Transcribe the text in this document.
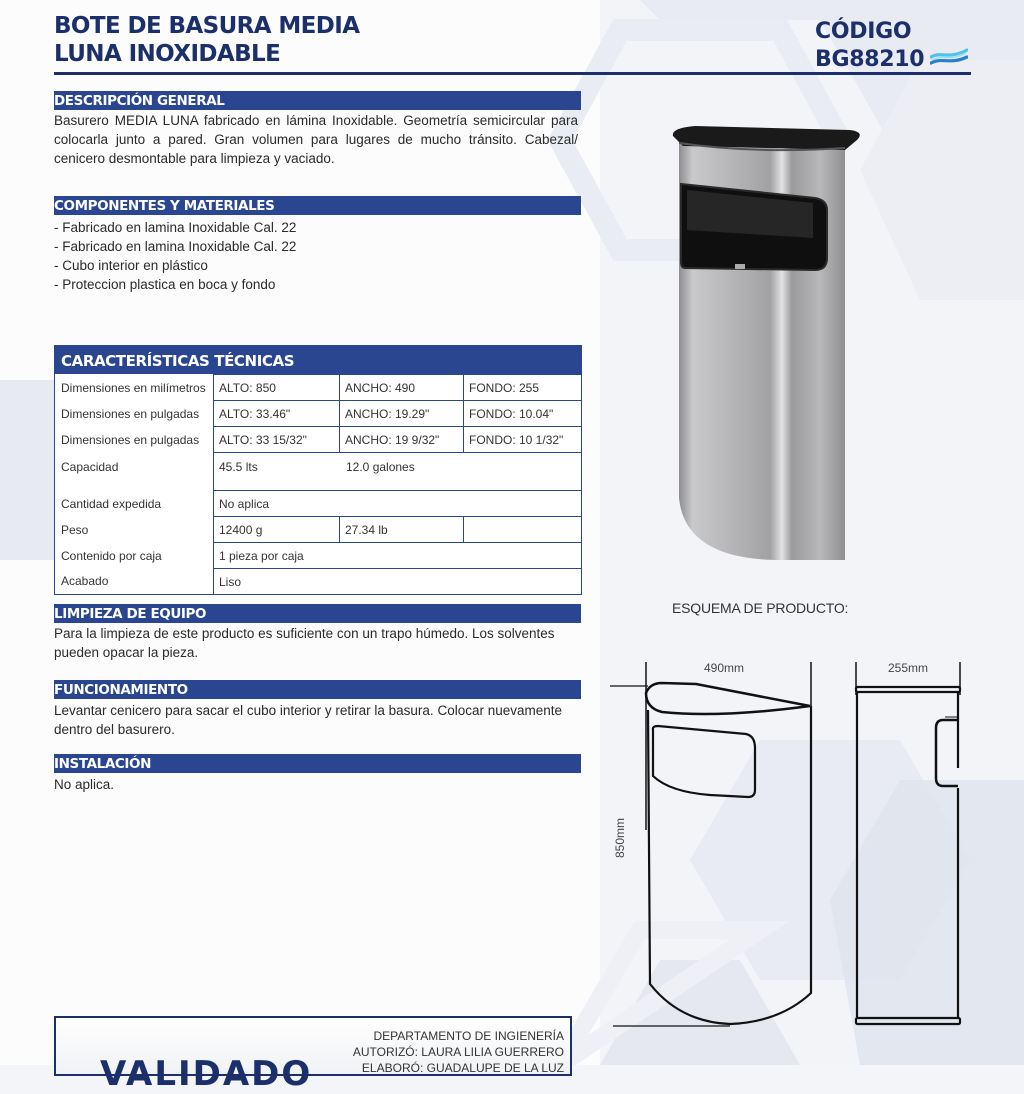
BOTE DE BASURA MEDIA
LUNA INOXIDABLE
CÓDIGO
BG88210
DESCRIPCIÓN GENERAL
Basurero MEDIA LUNA fabricado en lámina Inoxidable. Geometría semicircular para colocarla junto a pared. Gran volumen para lugares de mucho tránsito. Cabezal/ cenicero desmontable para limpieza y vaciado.
COMPONENTES Y MATERIALES
- Fabricado en lamina Inoxidable Cal. 22
- Fabricado en lamina Inoxidable Cal. 22
- Cubo interior en plástico
- Proteccion plastica en boca y fondo
CARACTERÍSTICAS TÉCNICAS
Dimensiones en milímetros	ALTO: 850	ANCHO: 490	FONDO: 255
Dimensiones en pulgadas	ALTO: 33.46"	ANCHO: 19.29"	FONDO: 10.04"
Dimensiones en pulgadas	ALTO: 33 15/32"	ANCHO: 19 9/32"	FONDO: 10 1/32"
Capacidad	45.5 lts 12.0 galones		
Cantidad expedida	No aplica		
Peso	12400 g	27.34 lb	
Contenido por caja	1 pieza por caja		
Acabado	Liso		
LIMPIEZA DE EQUIPO
Para la limpieza de este producto es suficiente con un trapo húmedo. Los solventes pueden opacar la pieza.
FUNCIONAMIENTO
Levantar cenicero para sacar el cubo interior y retirar la basura. Colocar nuevamente dentro del basurero.
INSTALACIÓN
No aplica.
ESQUEMA DE PRODUCTO:
490mm	255mm
850mm
VALIDADO
DEPARTAMENTO DE INGIENERÍA
AUTORIZÓ: LAURA LILIA GUERRERO
ELABORÓ: GUADALUPE DE LA LUZ
